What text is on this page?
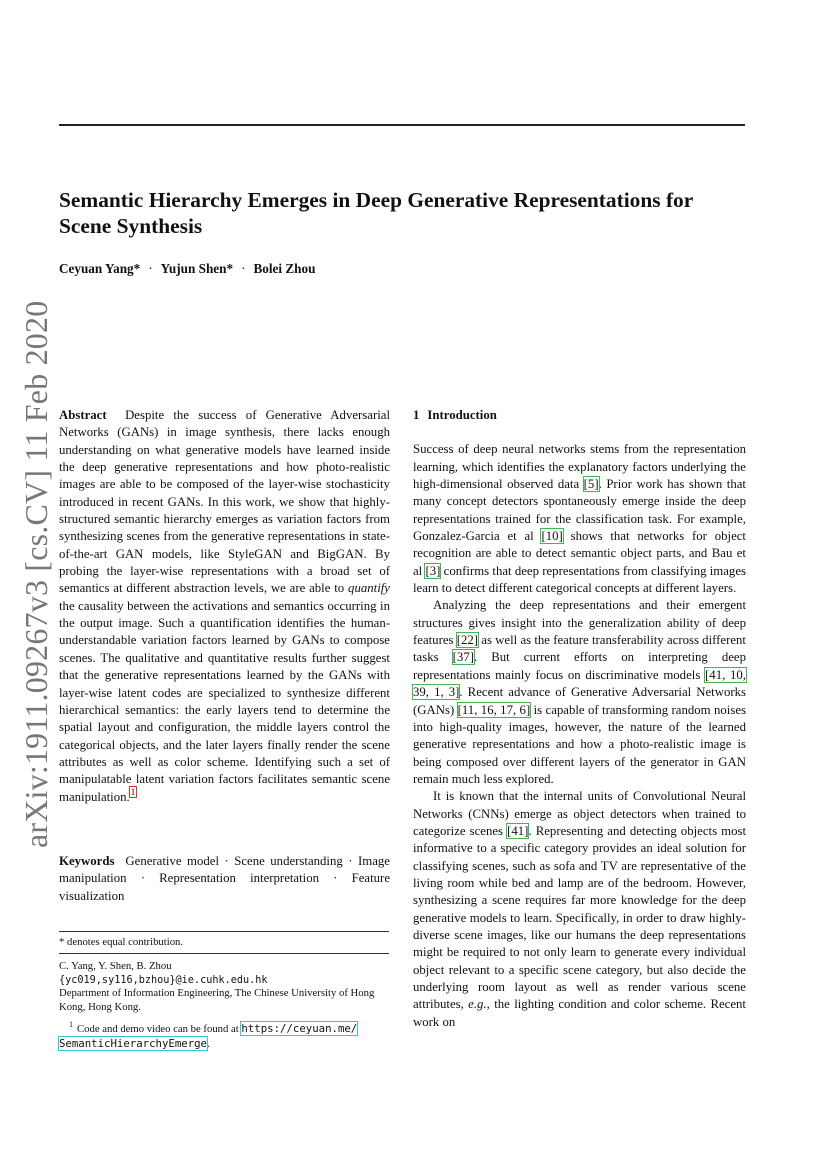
arXiv:1911.09267v3 [cs.CV] 11 Feb 2020
Semantic Hierarchy Emerges in Deep Generative Representations for Scene Synthesis
Ceyuan Yang* · Yujun Shen* · Bolei Zhou

Abstract Despite the success of Generative Adversarial Networks (GANs) in image synthesis, there lacks enough understanding on what generative models have learned inside the deep generative representations and how photo-realistic images are able to be composed of the layer-wise stochasticity introduced in recent GANs. In this work, we show that highly-structured semantic hierarchy emerges as variation factors from synthesizing scenes from the generative representations in state-of-the-art GAN models, like StyleGAN and BigGAN. By probing the layer-wise representations with a broad set of semantics at different abstraction levels, we are able to quantify the causality between the activations and semantics occurring in the output image. Such a quantification identifies the human-understandable variation factors learned by GANs to compose scenes. The qualitative and quantitative results further suggest that the generative representations learned by the GANs with layer-wise latent codes are specialized to synthesize different hierarchical semantics: the early layers tend to determine the spatial layout and configuration, the middle layers control the categorical objects, and the later layers finally render the scene attributes as well as color scheme. Identifying such a set of manipulatable latent variation factors facilitates semantic scene manipulation.$^1$

Keywords Generative model · Scene understanding · Image manipulation · Representation interpretation · Feature visualization
* denotes equal contribution.
C. Yang, Y. Shen, B. Zhou
{yc019,sy116,bzhou}@ie.cuhk.edu.hk
Department of Information Engineering, The Chinese University of Hong Kong, Hong Kong.
$^1$ Code and demo video can be found at https://ceyuan.me/
SemanticHierarchyEmerge.

1 Introduction

Success of deep neural networks stems from the representation learning, which identifies the explanatory factors underlying the high-dimensional observed data [5]. Prior work has shown that many concept detectors spontaneously emerge inside the deep representations trained for the classification task. For example, Gonzalez-Garcia et al [10] shows that networks for object recognition are able to detect semantic object parts, and Bau et al [3] confirms that deep representations from classifying images learn to detect different categorical concepts at different layers.

Analyzing the deep representations and their emergent structures gives insight into the generalization ability of deep features [22] as well as the feature transferability across different tasks [37]. But current efforts on interpreting deep representations mainly focus on discriminative models [41, 10, 39, 1, 3]. Recent advance of Generative Adversarial Networks (GANs) [11, 16, 17, 6] is capable of transforming random noises into high-quality images, however, the nature of the learned generative representations and how a photo-realistic image is being composed over different layers of the generator in GAN remain much less explored.

It is known that the internal units of Convolutional Neural Networks (CNNs) emerge as object detectors when trained to categorize scenes [41]. Representing and detecting objects most informative to a specific category provides an ideal solution for classifying scenes, such as sofa and TV are representative of the living room while bed and lamp are of the bedroom. However, synthesizing a scene requires far more knowledge for the deep generative models to learn. Specifically, in order to draw highly-diverse scene images, like our humans the deep representations might be required to not only learn to generate every individual object relevant to a specific scene category, but also decide the underlying room layout as well as render various scene attributes, e.g., the lighting condition and color scheme. Recent work on
